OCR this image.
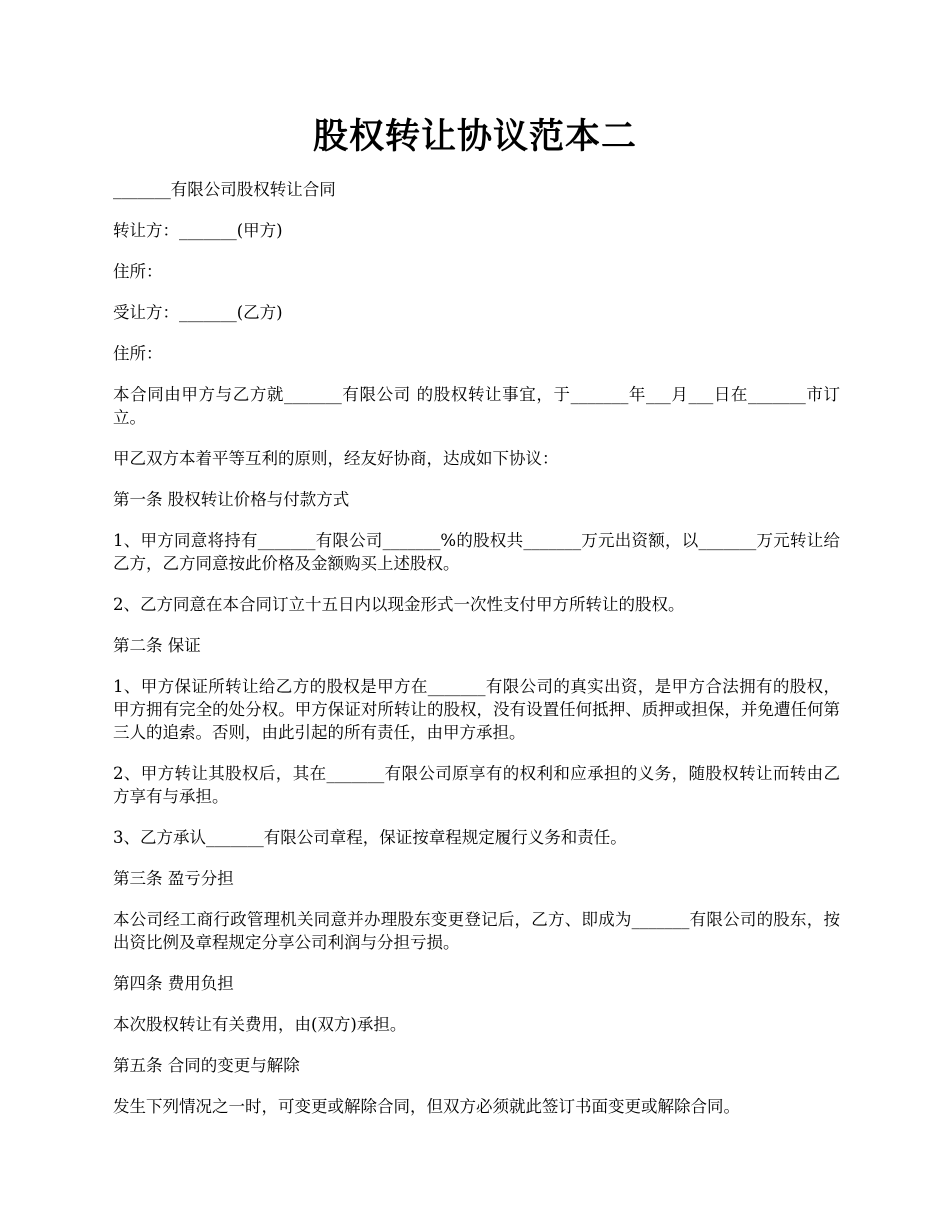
股权转让协议范本二

_______有限公司股权转让合同

转让方：_______(甲方)

住所：

受让方：_______(乙方)

住所：

本合同由甲方与乙方就_______有限公司 的股权转让事宜，于_______年___月___日在_______市订立。

甲乙双方本着平等互利的原则，经友好协商，达成如下协议：

第一条 股权转让价格与付款方式

1、甲方同意将持有_______有限公司_______%的股权共_______万元出资额，以_______万元转让给乙方，乙方同意按此价格及金额购买上述股权。

2、乙方同意在本合同订立十五日内以现金形式一次性支付甲方所转让的股权。

第二条 保证

1、甲方保证所转让给乙方的股权是甲方在_______有限公司的真实出资，是甲方合法拥有的股权，甲方拥有完全的处分权。甲方保证对所转让的股权，没有设置任何抵押、质押或担保，并免遭任何第三人的追索。否则，由此引起的所有责任，由甲方承担。

2、甲方转让其股权后，其在_______有限公司原享有的权利和应承担的义务，随股权转让而转由乙方享有与承担。

3、乙方承认_______有限公司章程，保证按章程规定履行义务和责任。

第三条 盈亏分担

本公司经工商行政管理机关同意并办理股东变更登记后，乙方、即成为_______有限公司的股东，按出资比例及章程规定分享公司利润与分担亏损。

第四条 费用负担

本次股权转让有关费用，由(双方)承担。

第五条 合同的变更与解除

发生下列情况之一时，可变更或解除合同，但双方必须就此签订书面变更或解除合同。
